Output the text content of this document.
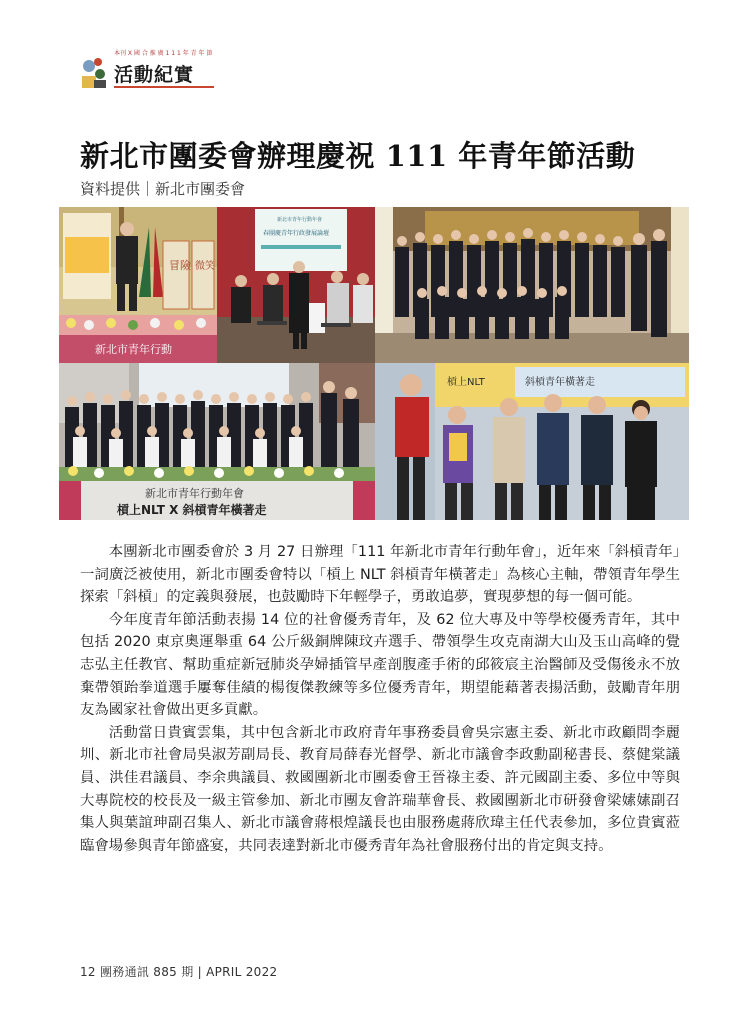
本刊 X 國 合 推 廣 1 1 1 年 青 年 節
活動紀實
新北市團委會辦理慶祝 111 年青年節活動
資料提供｜新北市團委會
冒險 微笑
新北市青年行動
新北市青年行動年會
春團慶青年行政發展論壇
新北市青年行動年會
槓上NLT X 斜槓青年橫著走
槓上NLT	斜槓青年橫著走

本團新北市團委會於 3 月 27 日辦理「111 年新北市青年行動年會」，近年來「斜槓青年」一詞廣泛被使用，新北市團委會特以「槓上 NLT 斜槓青年橫著走」為核心主軸，帶領青年學生探索「斜槓」的定義與發展，也鼓勵時下年輕學子，勇敢追夢，實現夢想的每一個可能。

今年度青年節活動表揚 14 位的社會優秀青年，及 62 位大專及中等學校優秀青年，其中包括 2020 東京奧運舉重 64 公斤級銅牌陳玟卉選手、帶領學生攻克南湖大山及玉山高峰的覺志弘主任教官、幫助重症新冠肺炎孕婦插管早產剖腹產手術的邱筱宸主治醫師及受傷後永不放棄帶領跆拳道選手屢奪佳績的楊復傑教練等多位優秀青年，期望能藉著表揚活動，鼓勵青年朋友為國家社會做出更多貢獻。

活動當日貴賓雲集，其中包含新北市政府青年事務委員會吳宗憲主委、新北市政顧問李麗圳、新北市社會局吳淑芳副局長、教育局薛春光督學、新北市議會李政勳副秘書長、蔡健棠議員、洪佳君議員、李余典議員、救國團新北市團委會王晉祿主委、許元國副主委、多位中等與大專院校的校長及一級主管參加、新北市團友會許瑞華會長、救國團新北市研發會梁嫊嫊副召集人與葉誼珅副召集人、新北市議會蔣根煌議長也由服務處蔣欣瑋主任代表參加，多位貴賓蒞臨會場參與青年節盛宴，共同表達對新北市優秀青年為社會服務付出的肯定與支持。

12 團務通訊 885 期 | APRIL 2022
